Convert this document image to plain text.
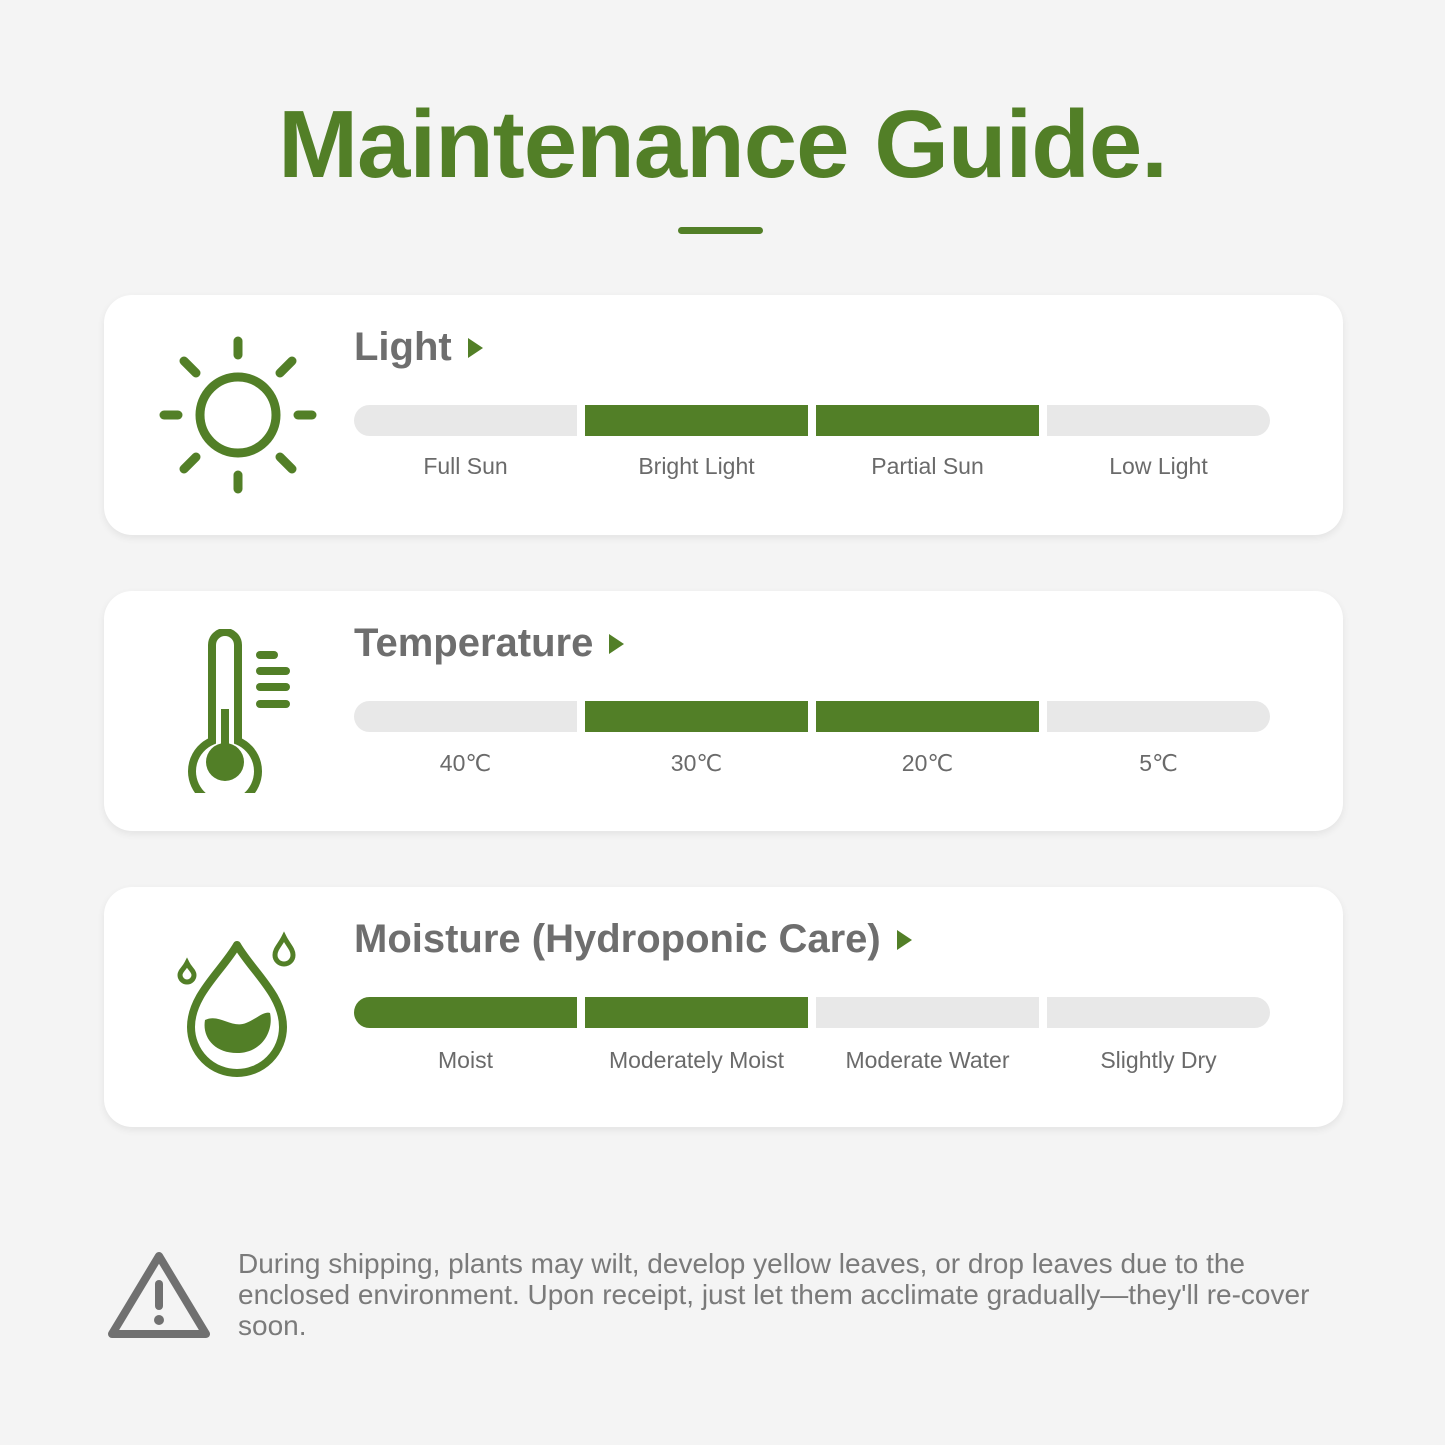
Maintenance Guide.
Light
Full Sun	Bright Light	Partial Sun	Low Light
Temperature
40℃	30℃	20℃	5℃
Moisture (Hydroponic Care)
Moist	Moderately Moist	Moderate Water	Slightly Dry
During shipping, plants may wilt, develop yellow leaves, or drop leaves due to the enclosed environment. Upon receipt, just let them acclimate gradually—they'll re-cover soon.
